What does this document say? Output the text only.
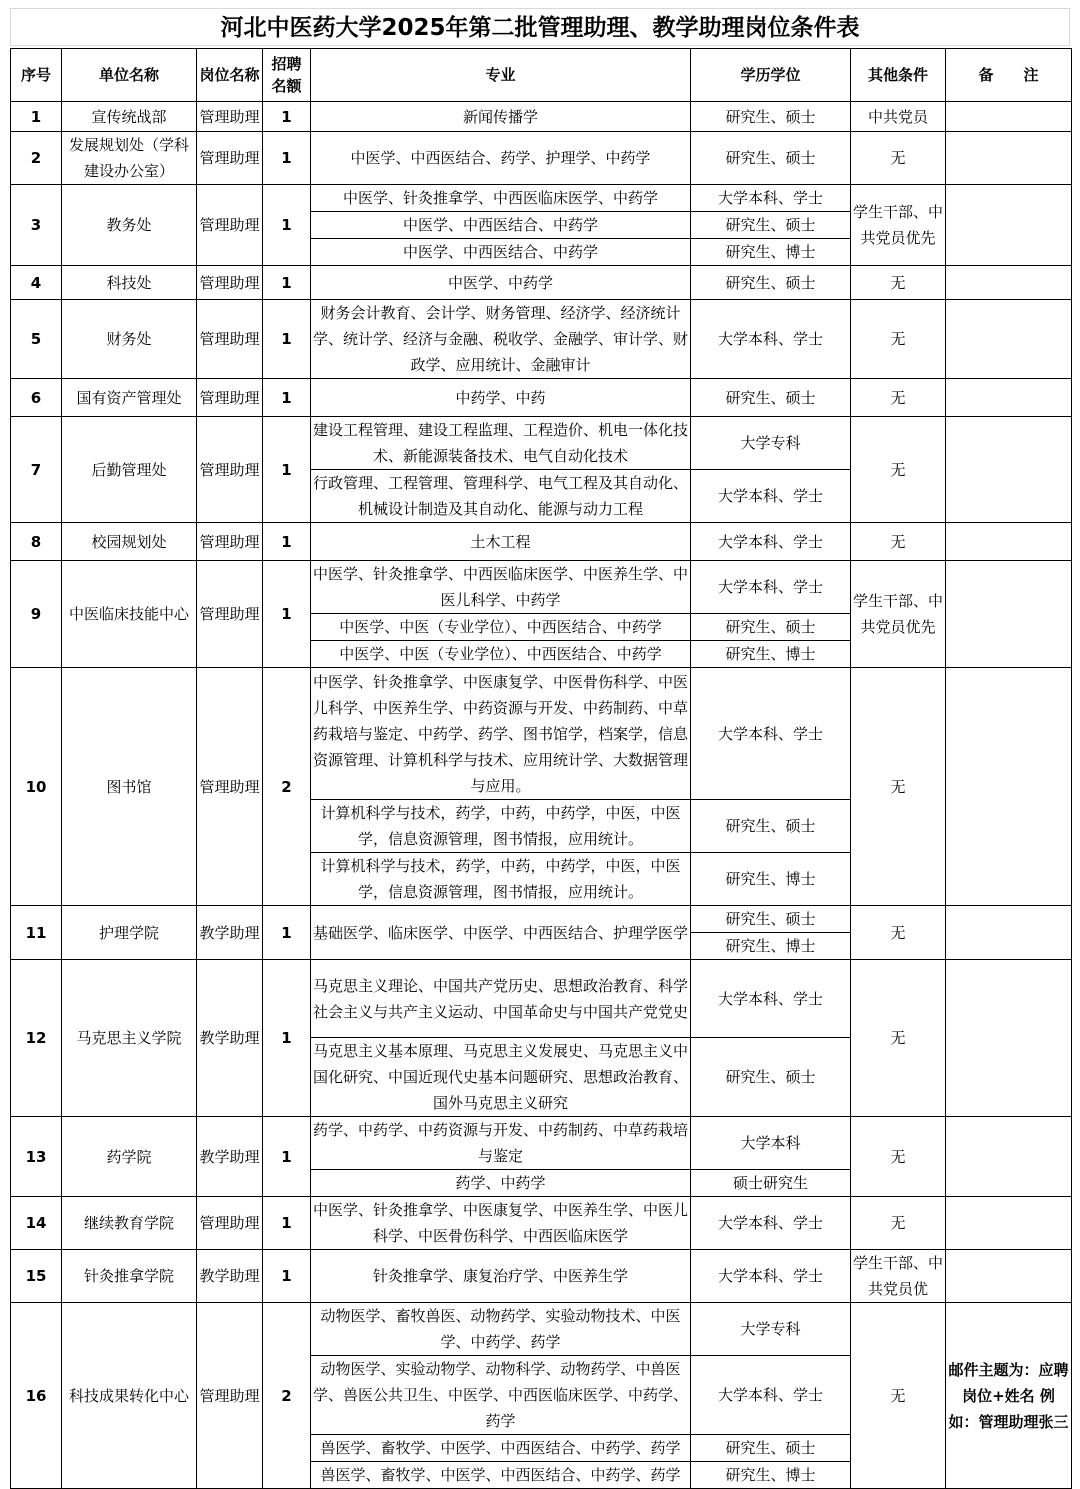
河北中医药大学2025年第二批管理助理、教学助理岗位条件表
序号	单位名称	岗位名称	招聘名额	专业	学历学位	其他条件	备　　注
1	宣传统战部	管理助理	1	新闻传播学	研究生、硕士	中共党员	
2	发展规划处（学科建设办公室）	管理助理	1	中医学、中西医结合、药学、护理学、中药学	研究生、硕士	无	
3	教务处	管理助理	1	中医学、针灸推拿学、中西医临床医学、中药学	大学本科、学士	学生干部、中共党员优先	
				中医学、中西医结合、中药学	研究生、硕士		
				中医学、中西医结合、中药学	研究生、博士		
4	科技处	管理助理	1	中医学、中药学	研究生、硕士	无	
5	财务处	管理助理	1	财务会计教育、会计学、财务管理、经济学、经济统计学、统计学、经济与金融、税收学、金融学、审计学、财政学、应用统计、金融审计	大学本科、学士	无	
6	国有资产管理处	管理助理	1	中药学、中药	研究生、硕士	无	
7	后勤管理处	管理助理	1	建设工程管理、建设工程监理、工程造价、机电一体化技术、新能源装备技术、电气自动化技术	大学专科	无	
				行政管理、工程管理、管理科学、电气工程及其自动化、机械设计制造及其自动化、能源与动力工程	大学本科、学士		
8	校园规划处	管理助理	1	土木工程	大学本科、学士	无	
9	中医临床技能中心	管理助理	1	中医学、针灸推拿学、中西医临床医学、中医养生学、中医儿科学、中药学	大学本科、学士	学生干部、中共党员优先	
				中医学、中医（专业学位）、中西医结合、中药学	研究生、硕士		
				中医学、中医（专业学位）、中西医结合、中药学	研究生、博士		
10	图书馆	管理助理	2	中医学、针灸推拿学、中医康复学、中医骨伤科学、中医儿科学、中医养生学、中药资源与开发、中药制药、中草药栽培与鉴定、中药学、药学、图书馆学，档案学，信息资源管理、计算机科学与技术、应用统计学、大数据管理与应用。	大学本科、学士	无	
				计算机科学与技术，药学，中药，中药学，中医，中医学，信息资源管理，图书情报，应用统计。	研究生、硕士		
				计算机科学与技术，药学，中药，中药学，中医，中医学，信息资源管理，图书情报，应用统计。	研究生、博士		
11	护理学院	教学助理	1	基础医学、临床医学、中医学、中西医结合、护理学医学	研究生、硕士	无	
					研究生、博士		
12	马克思主义学院	教学助理	1	马克思主义理论、中国共产党历史、思想政治教育、科学社会主义与共产主义运动、中国革命史与中国共产党党史	大学本科、学士	无	
				马克思主义基本原理、马克思主义发展史、马克思主义中国化研究、中国近现代史基本问题研究、思想政治教育、国外马克思主义研究	研究生、硕士		
13	药学院	教学助理	1	药学、中药学、中药资源与开发、中药制药、中草药栽培与鉴定	大学本科	无	
				药学、中药学	硕士研究生		
14	继续教育学院	管理助理	1	中医学、针灸推拿学、中医康复学、中医养生学、中医儿科学、中医骨伤科学、中西医临床医学	大学本科、学士	无	
15	针灸推拿学院	教学助理	1	针灸推拿学、康复治疗学、中医养生学	大学本科、学士	学生干部、中共党员优	
16	科技成果转化中心	管理助理	2	动物医学、畜牧兽医、动物药学、实验动物技术、中医学、中药学、药学	大学专科	无	邮件主题为：应聘岗位+姓名 例如：管理助理张三
				动物医学、实验动物学、动物科学、动物药学、中兽医学、兽医公共卫生、中医学、中西医临床医学、中药学、药学	大学本科、学士		
				兽医学、畜牧学、中医学、中西医结合、中药学、药学	研究生、硕士		
				兽医学、畜牧学、中医学、中西医结合、中药学、药学	研究生、博士		
